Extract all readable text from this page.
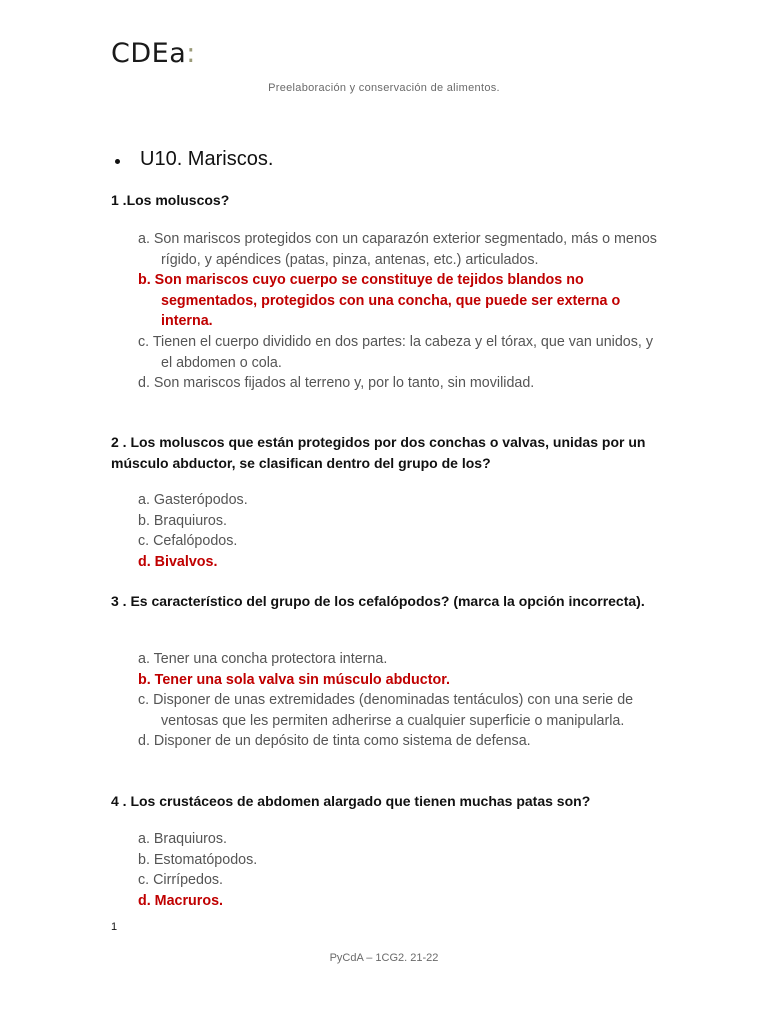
CDEa:
Preelaboración y conservación de alimentos.
U10. Mariscos.
1 .Los moluscos?
a. Son mariscos protegidos con un caparazón exterior segmentado, más o menos rígido, y apéndices (patas, pinza, antenas, etc.) articulados.
b. Son mariscos cuyo cuerpo se constituye de tejidos blandos no segmentados, protegidos con una concha, que puede ser externa o interna.
c. Tienen el cuerpo dividido en dos partes: la cabeza y el tórax, que van unidos, y el abdomen o cola.
d. Son mariscos fijados al terreno y, por lo tanto, sin movilidad.
2 . Los moluscos que están protegidos por dos conchas o valvas, unidas por un músculo abductor, se clasifican dentro del grupo de los?
a. Gasterópodos.
b. Braquiuros.
c. Cefalópodos.
d. Bivalvos.
3 . Es característico del grupo de los cefalópodos? (marca la opción incorrecta).
a. Tener una concha protectora interna.
b. Tener una sola valva sin músculo abductor.
c. Disponer de unas extremidades (denominadas tentáculos) con una serie de ventosas que les permiten adherirse a cualquier superficie o manipularla.
d. Disponer de un depósito de tinta como sistema de defensa.
4 . Los crustáceos de abdomen alargado que tienen muchas patas son?
a. Braquiuros.
b. Estomatópodos.
c. Cirrípedos.
d. Macruros.
1
PyCdA – 1CG2. 21-22
